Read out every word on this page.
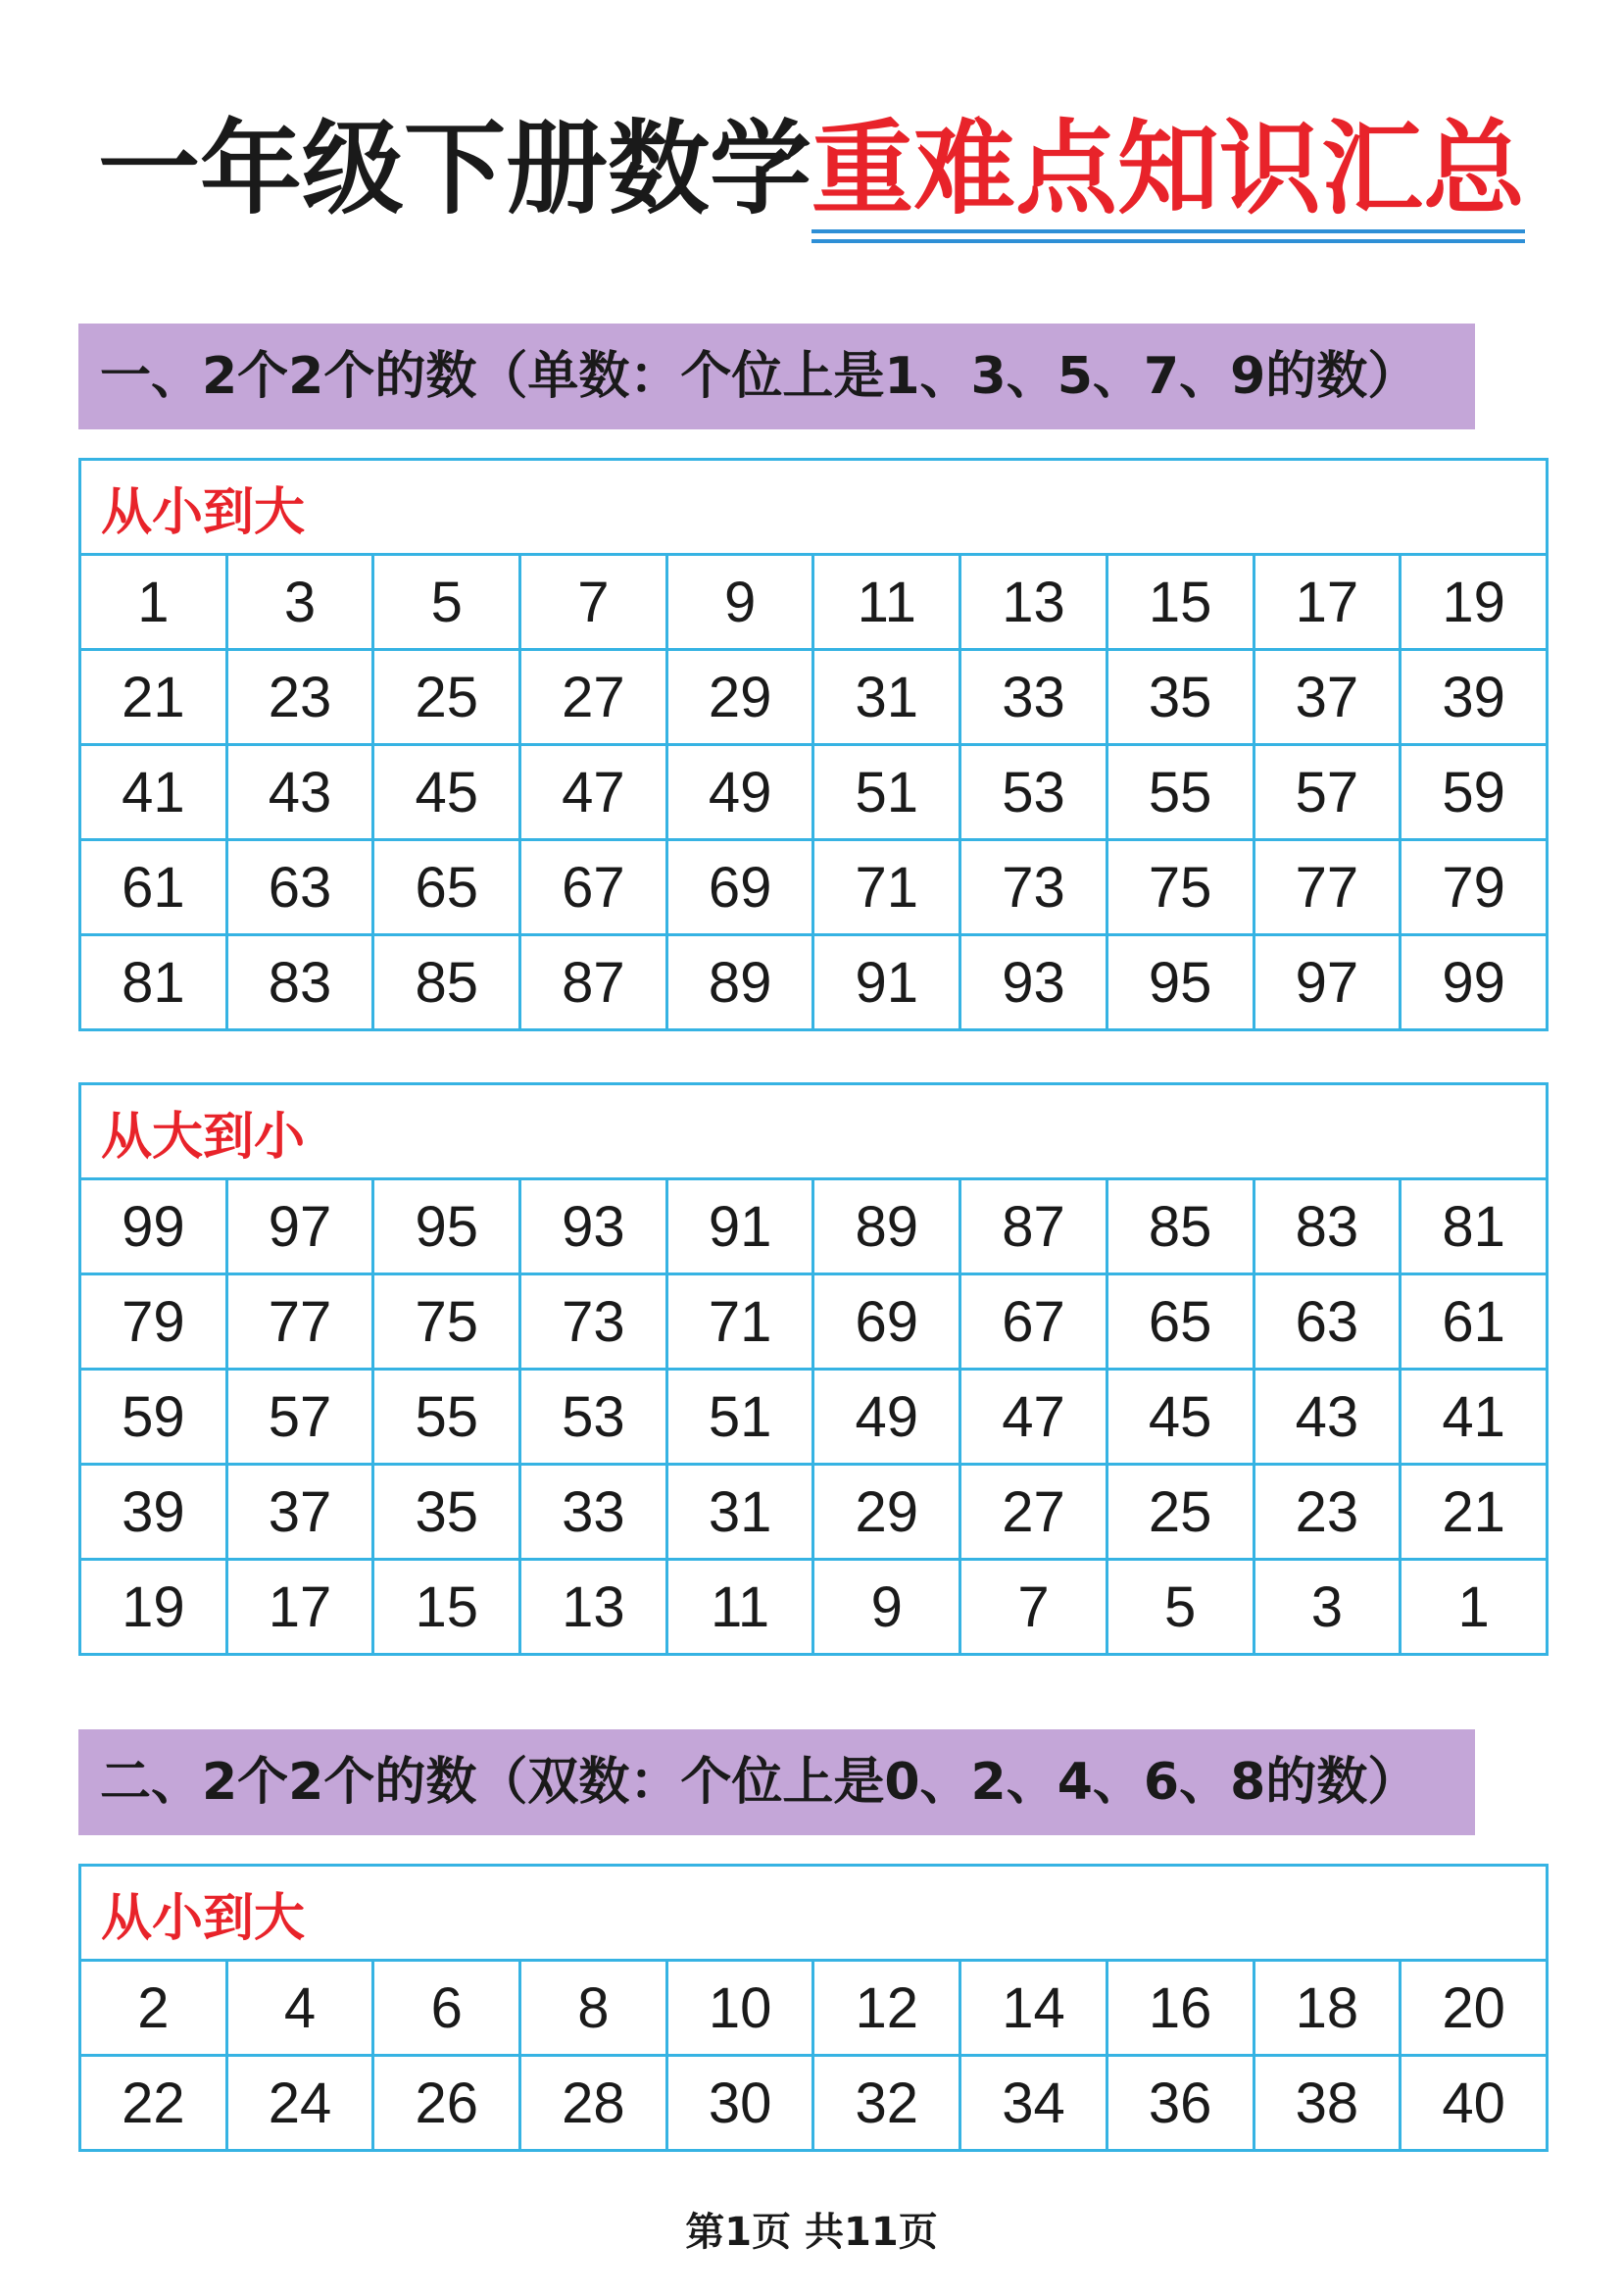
一年级下册数学重难点知识汇总
一、2个2个的数（单数：个位上是1、3、5、7、9的数）
从小到大									
1	3	5	7	9	11	13	15	17	19
21	23	25	27	29	31	33	35	37	39
41	43	45	47	49	51	53	55	57	59
61	63	65	67	69	71	73	75	77	79
81	83	85	87	89	91	93	95	97	99
从大到小									
99	97	95	93	91	89	87	85	83	81
79	77	75	73	71	69	67	65	63	61
59	57	55	53	51	49	47	45	43	41
39	37	35	33	31	29	27	25	23	21
19	17	15	13	11	9	7	5	3	1
二、2个2个的数（双数：个位上是0、2、4、6、8的数）
从小到大									
2	4	6	8	10	12	14	16	18	20
22	24	26	28	30	32	34	36	38	40
第1页 共11页
